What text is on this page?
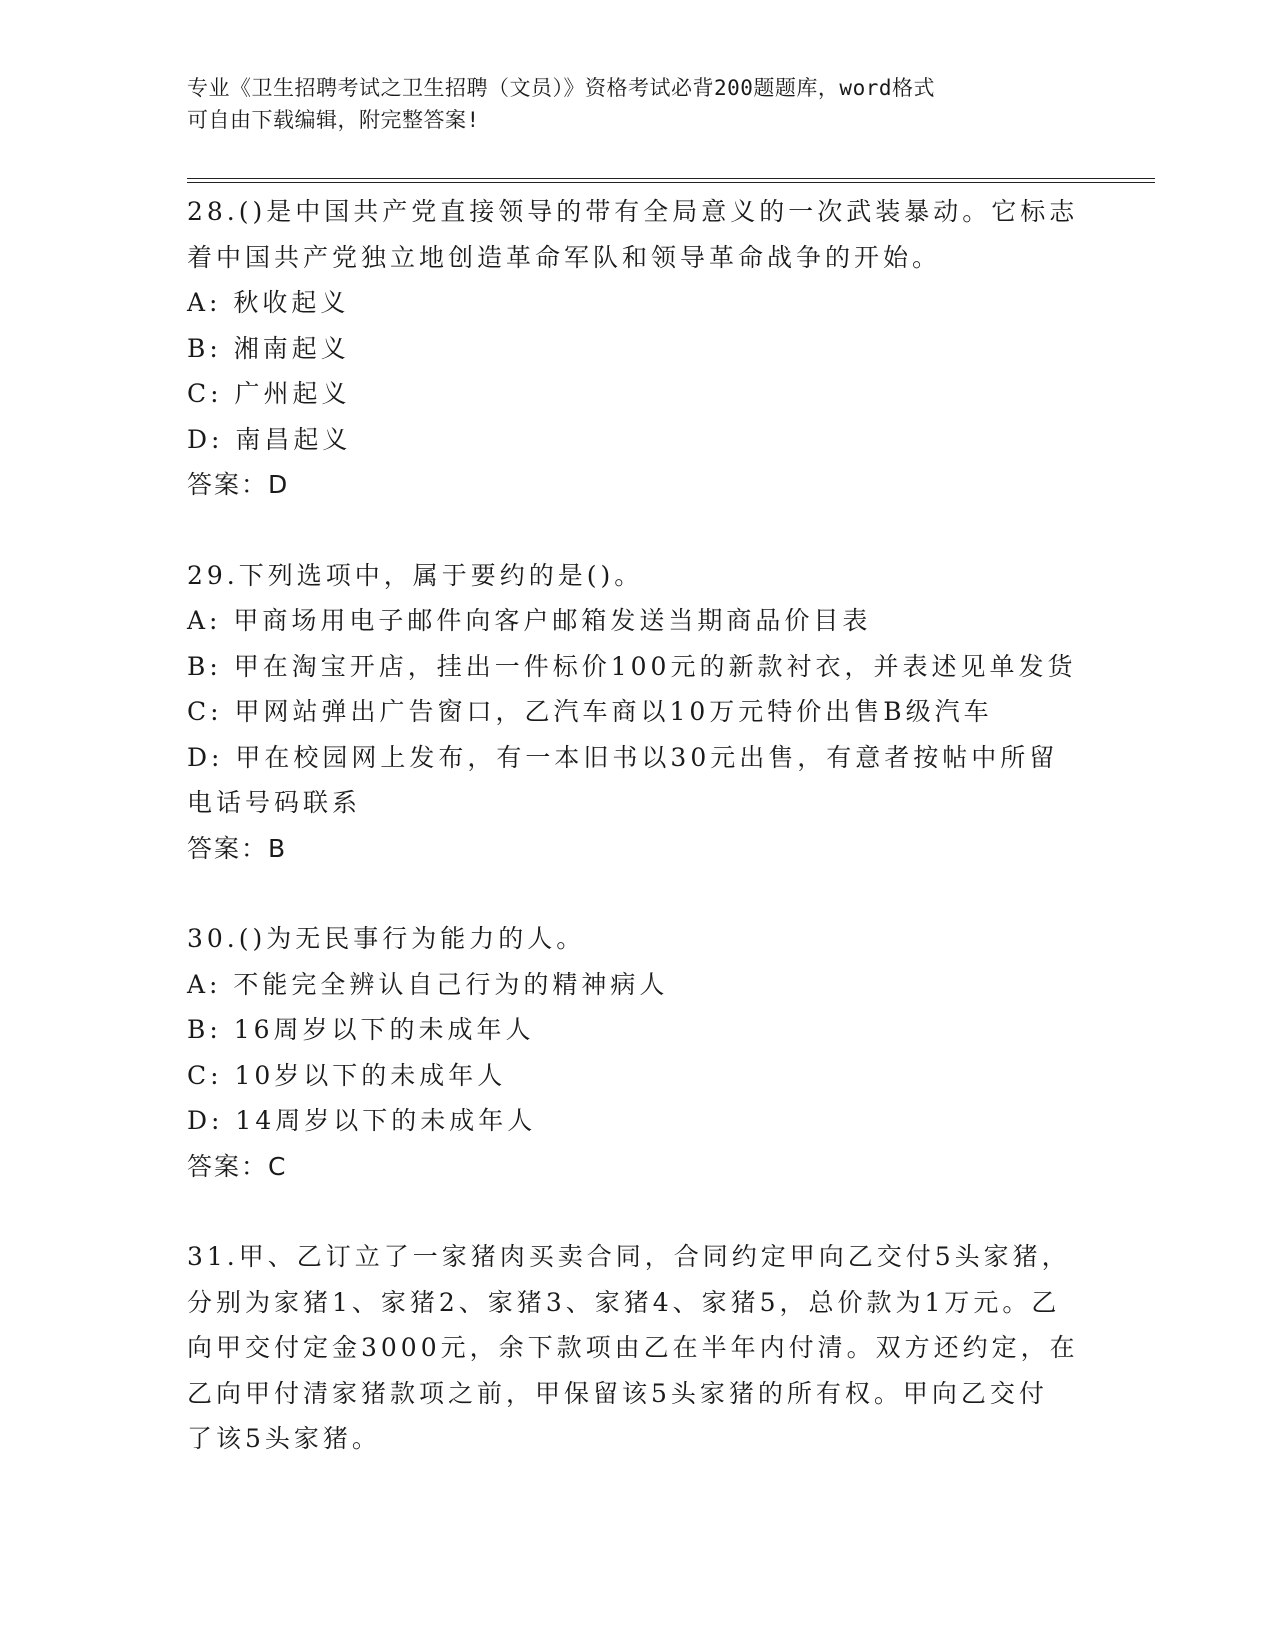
专业《卫生招聘考试之卫生招聘（文员）》资格考试必背200题题库，word格式
可自由下载编辑，附完整答案!

28.()是中国共产党直接领导的带有全局意义的一次武装暴动。它标志

着中国共产党独立地创造革命军队和领导革命战争的开始。

A: 秋收起义

B: 湘南起义

C: 广州起义

D: 南昌起义

答案：D

29.下列选项中，属于要约的是()。

A: 甲商场用电子邮件向客户邮箱发送当期商品价目表

B: 甲在淘宝开店，挂出一件标价100元的新款衬衣，并表述见单发货

C: 甲网站弹出广告窗口，乙汽车商以10万元特价出售B级汽车

D: 甲在校园网上发布，有一本旧书以30元出售，有意者按帖中所留

电话号码联系

答案：B

30.()为无民事行为能力的人。

A: 不能完全辨认自己行为的精神病人

B: 16周岁以下的未成年人

C: 10岁以下的未成年人

D: 14周岁以下的未成年人

答案：C

31.甲、乙订立了一家猪肉买卖合同，合同约定甲向乙交付5头家猪，

分别为家猪1、家猪2、家猪3、家猪4、家猪5，总价款为1万元。乙

向甲交付定金3000元，余下款项由乙在半年内付清。双方还约定，在

乙向甲付清家猪款项之前，甲保留该5头家猪的所有权。甲向乙交付

了该5头家猪。
